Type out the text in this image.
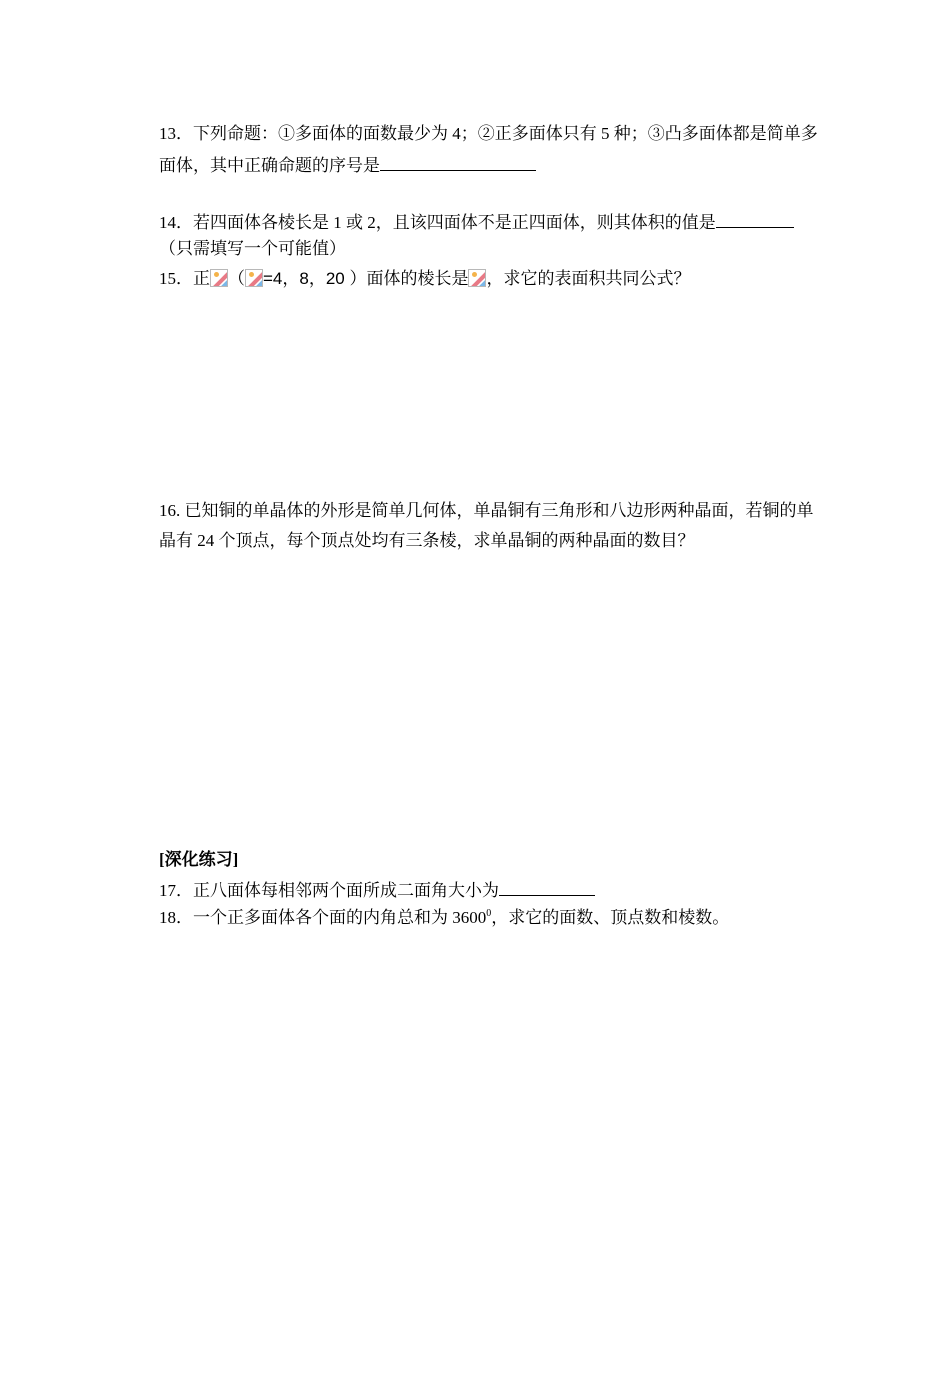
13．下列命题：①多面体的面数最少为 4；②正多面体只有 5 种；③凸多面体都是简单多
面体，其中正确命题的序号是
14．若四面体各棱长是 1 或 2，且该四面体不是正四面体，则其体积的值是
（只需填写一个可能值）
15．正 （ =4，8，20 ）面体的棱长是 ，求它的表面积共同公式？
16. 已知铜的单晶体的外形是简单几何体，单晶铜有三角形和八边形两种晶面，若铜的单
晶有 24 个顶点，每个顶点处均有三条棱，求单晶铜的两种晶面的数目？
[深化练习]
17．正八面体每相邻两个面所成二面角大小为
18．一个正多面体各个面的内角总和为 3600$^0$，求它的面数、顶点数和棱数。
